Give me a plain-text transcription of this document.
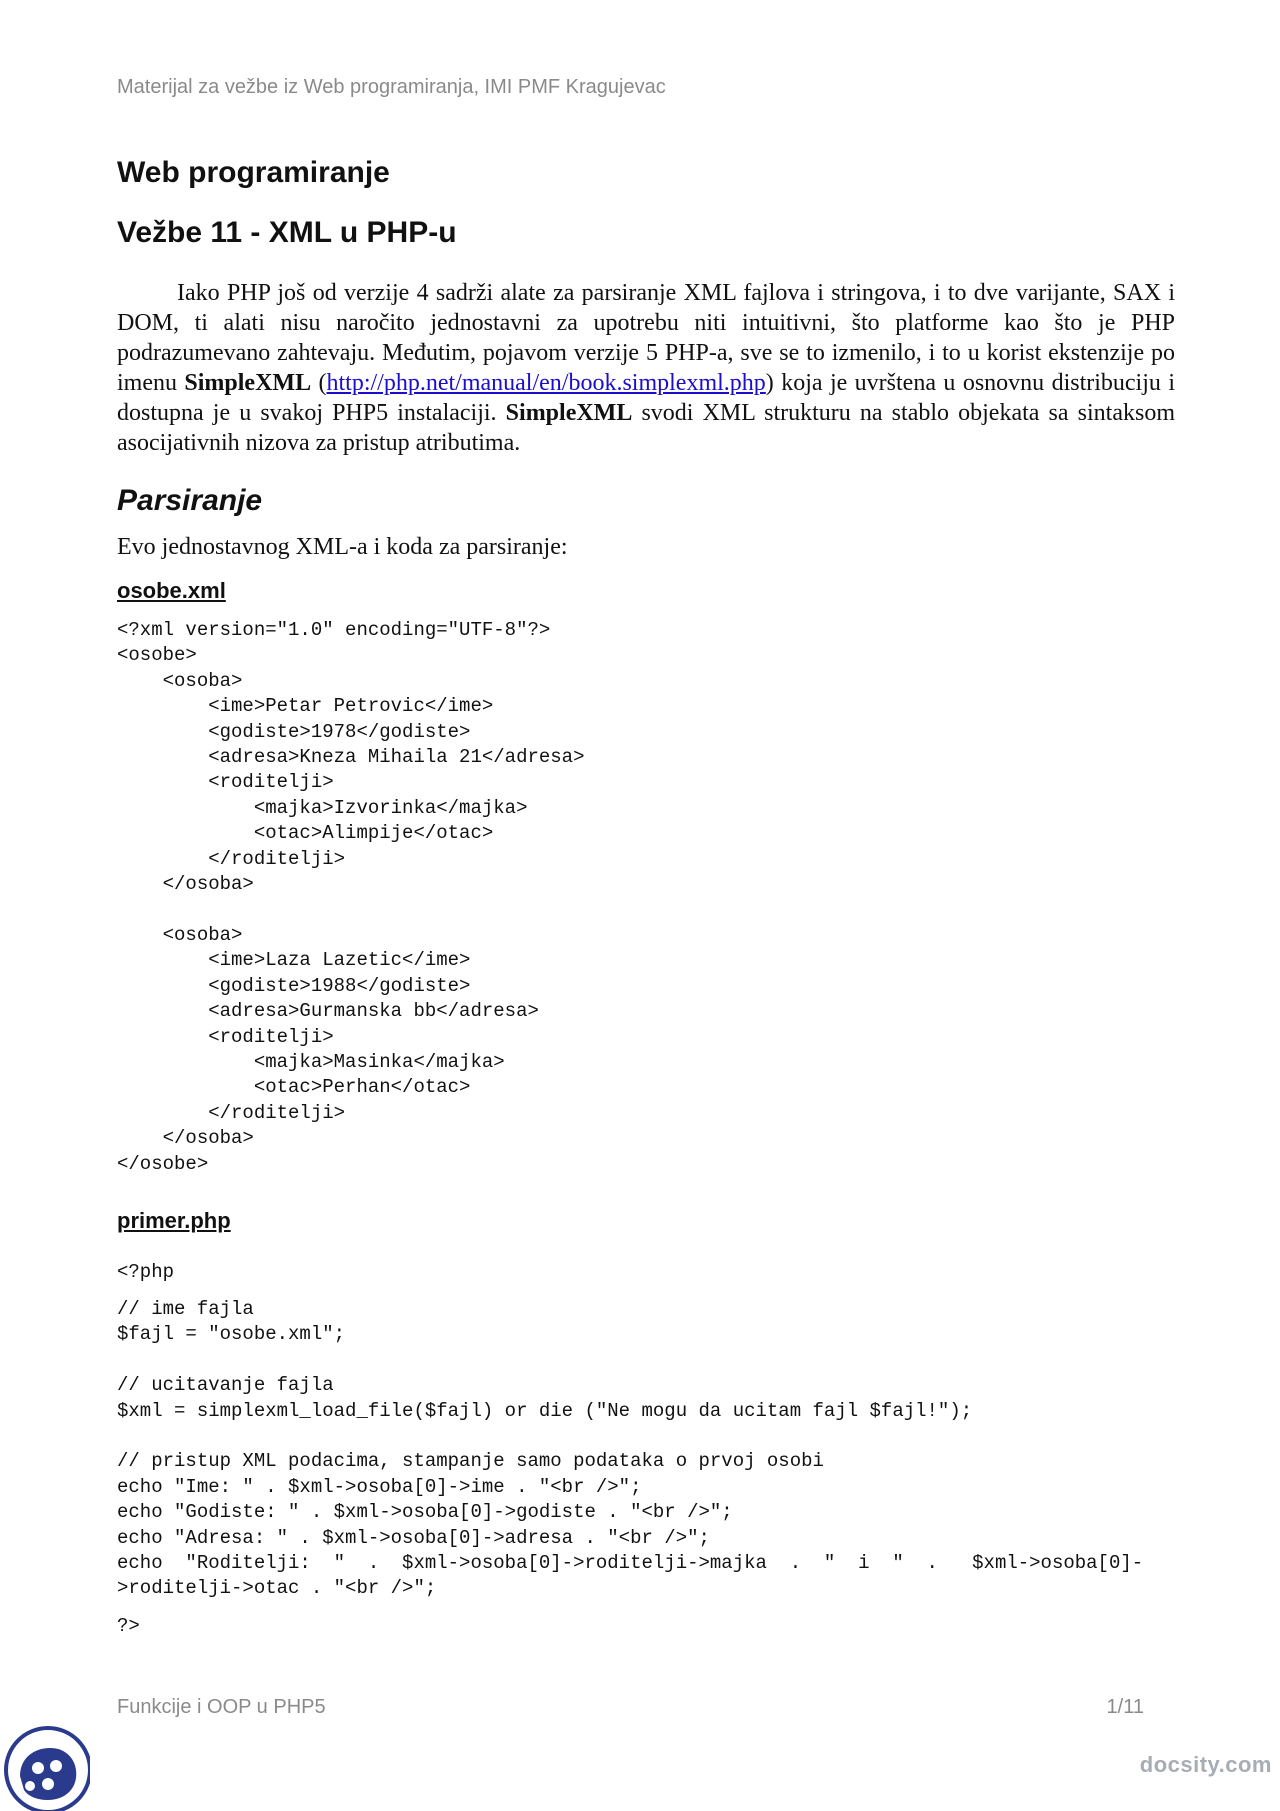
Materijal za vežbe iz Web programiranja, IMI PMF Kragujevac
Web programiranje
Vežbe 11 - XML u PHP-u

Iako PHP još od verzije 4 sadrži alate za parsiranje XML fajlova i stringova, i to dve varijante, SAX i DOM, ti alati nisu naročito jednostavni za upotrebu niti intuitivni, što platforme kao što je PHP podrazumevano zahtevaju. Međutim, pojavom verzije 5 PHP-a, sve se to izmenilo, i to u korist ekstenzije po imenu SimpleXML (http://php.net/manual/en/book.simplexml.php) koja je uvrštena u osnovnu distribuciju i dostupna je u svakoj PHP5 instalaciji. SimpleXML svodi XML strukturu na stablo objekata sa sintaksom asocijativnih nizova za pristup atributima.

Parsiranje

Evo jednostavnog XML-a i koda za parsiranje:

osobe.xml
<?xml version="1.0" encoding="UTF-8"?>
<osobe>
<osoba>
<ime>Petar Petrovic</ime>
<godiste>1978</godiste>
<adresa>Kneza Mihaila 21</adresa>
<roditelji>
<majka>Izvorinka</majka>
<otac>Alimpije</otac>
</roditelji>
</osoba>

<osoba>
<ime>Laza Lazetic</ime>
<godiste>1988</godiste>
<adresa>Gurmanska bb</adresa>
<roditelji>
<majka>Masinka</majka>
<otac>Perhan</otac>
</roditelji>
</osoba>
</osobe>
primer.php
<?php
// ime fajla
$fajl = "osobe.xml";

// ucitavanje fajla
$xml = simplexml_load_file($fajl) or die ("Ne mogu da ucitam fajl $fajl!");

// pristup XML podacima, stampanje samo podataka o prvoj osobi
echo "Ime: " . $xml->osoba[0]->ime . "<br />";
echo "Godiste: " . $xml->osoba[0]->godiste . "<br />";
echo "Adresa: " . $xml->osoba[0]->adresa . "<br />";
echo  "Roditelji:  "  .  $xml->osoba[0]->roditelji->majka  .  "  i  "  .   $xml->osoba[0]-
>roditelji->otac . "<br />";
?>
Funkcije i OOP u PHP5	1/11
docsity.com
